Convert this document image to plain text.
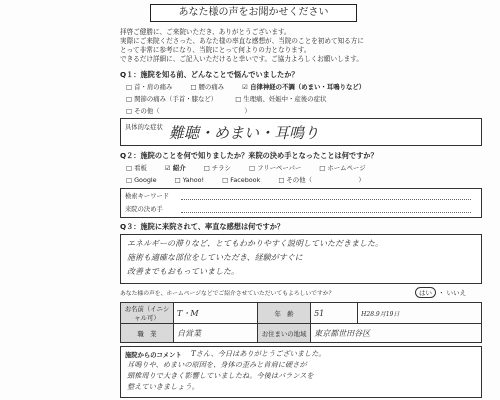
あなた様の声をお聞かせください
拝啓ご健勝に、ご来院いただき、ありがとうございます。
実際にご来院くださった、あなた様の率直な感想が、当院のことを初めて知る方に
とって非常に参考になり、当院にとって何よりの力となります。
できるだけ詳細に、ご記入いただけると幸いです。ご協力よろしくお願いします。
Q１：施院を知る前、どんなことで悩んでいましたか？
□ 首・肩の痛み	□ 腰の痛み	☑ 自律神経の不調（めまい・耳鳴りなど）
□ 関節の痛み（手首・膝など）	□ 生理痛、妊娠中・産後の症状
□ その他（　　　　　　　　　　　　	）
具体的な症状 難聴・めまい・耳鳴り
Q２：施院のことを何で知りましたか？来院の決め手となったことは何ですか？
□ 看板	☑ 紹介	□ チラシ	□ フリーペーパー	□ ホームページ
□ Google	□ Yahoo!	□ Facebook	□ その他（　　　　　　	）
検索キーワード
来院の決め手
Q３：施院に来院されて、率直な感想は何ですか？
エネルギーの滞りなど、とてもわかりやすく説明していただきました。
施術も適確な部位をしていただき、経験がすぐに
改善までもおもっていました。
あなた様の声を、ホームページなどでご紹介させていただいてもよろしいですか？	はい ・ いいえ
お名前（イニシャル可）	T・M	年　齢	51	H28.9月19日
職　業	自営業	お住まいの地域	東京都世田谷区	
施院からのコメント Tさん、今日はありがとうございました。
耳鳴りや、めまいの原因を、身体の歪みと首肩に硬さが
頸椎周りで大きく影響していましたね。今後はバランスを
整えていきましょう。
